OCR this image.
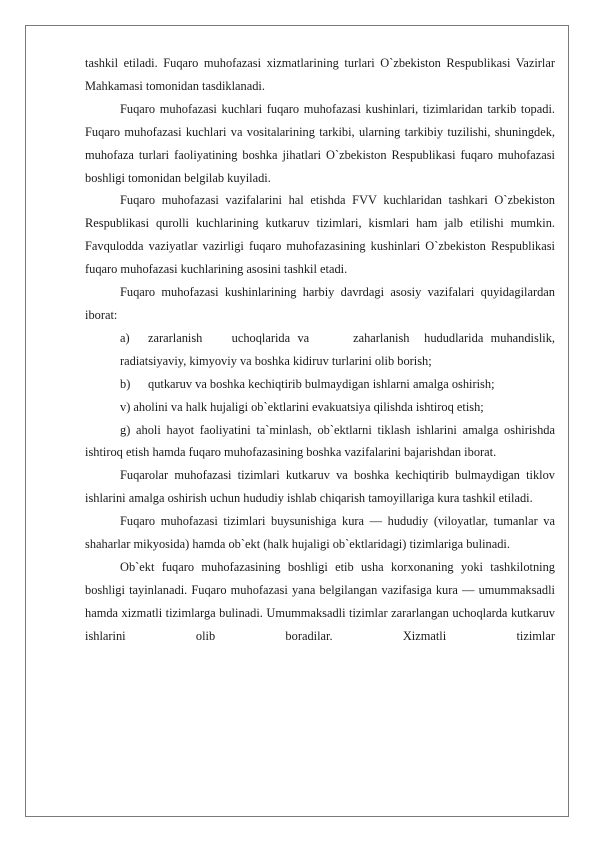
tashkil etiladi. Fuqaro muhofazasi xizmatlarining turlari O`zbekiston Respublikasi Vazirlar Mahkamasi tomonidan tasdiklanadi.

Fuqaro muhofazasi kuchlari fuqaro muhofazasi kushinlari, tizimlaridan tarkib topadi. Fuqaro muhofazasi kuchlari va vositalarining tarkibi, ularning tarkibiy tuzilishi, shuningdek, muhofaza turlari faoliyatining boshka jihatlari O`zbekiston Respublikasi fuqaro muhofazasi boshligi tomonidan belgilab kuyiladi.

Fuqaro muhofazasi vazifalarini hal etishda FVV kuchlaridan tashkari O`zbekiston Respublikasi qurolli kuchlarining kutkaruv tizimlari, kismlari ham jalb etilishi mumkin. Favqulodda vaziyatlar vazirligi fuqaro muhofazasining kushinlari O`zbekiston Respublikasi fuqaro muhofazasi kuchlarining asosini tashkil etadi.

Fuqaro muhofazasi kushinlarining harbiy davrdagi asosiy vazifalari quyidagilardan iborat:

a) zararlanish    uchoqlarida va      zaharlanish  hududlarida muhandislik, radiatsiyaviy, kimyoviy va boshka kidiruv turlarini olib borish;

b) qutkaruv va boshka kechiqtirib bulmaydigan ishlarni amalga oshirish;

v) aholini va halk hujaligi ob`ektlarini evakuatsiya qilishda ishtiroq etish;

g) aholi hayot faoliyatini ta`minlash, ob`ektlarni tiklash ishlarini amalga oshirishda ishtiroq etish hamda fuqaro muhofazasining boshka vazifalarini bajarishdan iborat.

Fuqarolar muhofazasi tizimlari kutkaruv va boshka kechiqtirib bulmaydigan tiklov ishlarini amalga oshirish uchun hududiy ishlab chiqarish tamoyillariga kura tashkil etiladi.

Fuqaro muhofazasi tizimlari buysunishiga kura — hududiy (viloyatlar, tumanlar va shaharlar mikyosida) hamda ob`ekt (halk hujaligi ob`ektlaridagi) tizimlariga bulinadi.

Ob`ekt fuqaro muhofazasining boshligi etib usha korxonaning yoki tashkilotning boshligi tayinlanadi. Fuqaro muhofazasi yana belgilangan vazifasiga kura — umummaksadli hamda xizmatli tizimlarga bulinadi. Umummaksadli tizimlar zararlangan uchoqlarda kutkaruv ishlarini olib boradilar. Xizmatli tizimlar
